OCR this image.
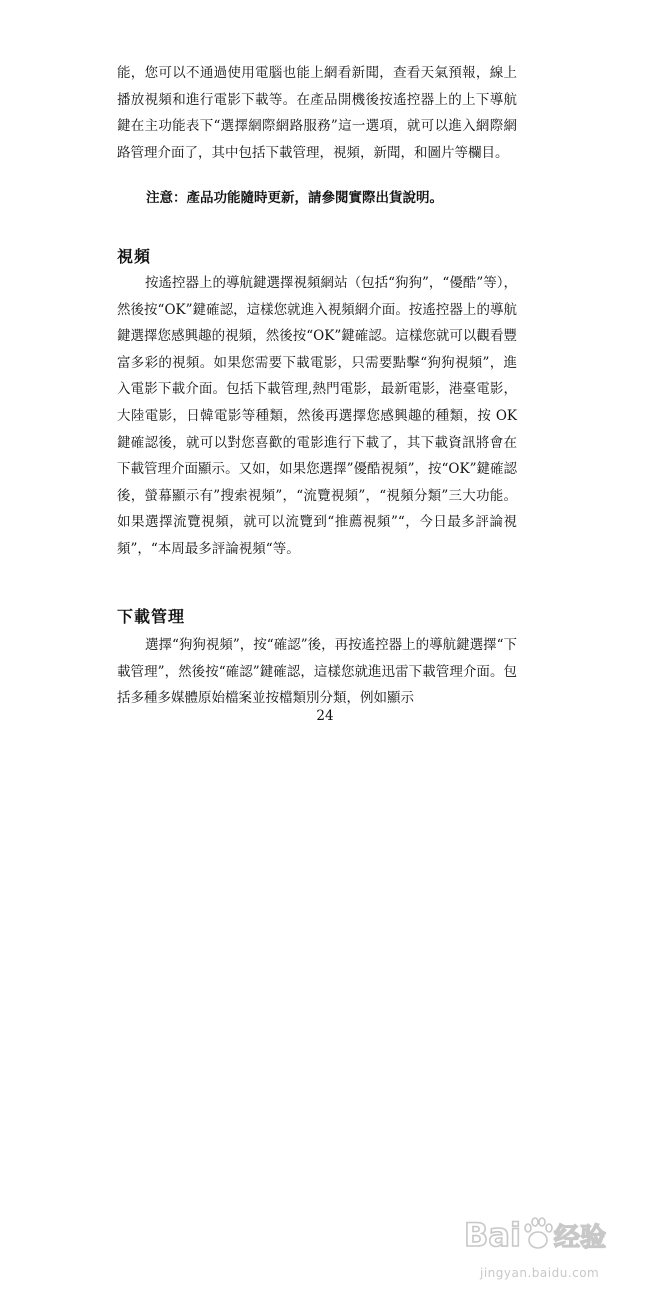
能，您可以不通過使用電腦也能上網看新聞，查看天氣預報，線上播放視頻和進行電影下載等。在產品開機後按遙控器上的上下導航鍵在主功能表下“選擇網際網路服務”這一選項，就可以進入網際網路管理介面了，其中包括下載管理，視頻，新聞，和圖片等欄目。

注意：產品功能隨時更新，請參閱實際出貨說明。

視頻

按遙控器上的導航鍵選擇視頻網站（包括“狗狗”，“優酷”等），然後按“OK”鍵確認，這樣您就進入視頻網介面。按遙控器上的導航鍵選擇您感興趣的視頻，然後按“OK”鍵確認。這樣您就可以觀看豐富多彩的視頻。如果您需要下載電影，只需要點擊“狗狗視頻”，進入電影下載介面。包括下載管理,熱門電影，最新電影，港臺電影，大陸電影，日韓電影等種類，然後再選擇您感興趣的種類，按 OK 鍵確認後，就可以對您喜歡的電影進行下載了，其下載資訊將會在下載管理介面顯示。又如，如果您選擇”優酷視頻”，按“OK”鍵確認後，螢幕顯示有”搜索視頻”，“流覽視頻”，“視頻分類”三大功能。如果選擇流覽視頻，就可以流覽到“推薦視頻”“，今日最多評論視頻”，“本周最多評論視頻“等。

下載管理

選擇“狗狗視頻”，按“確認”後，再按遙控器上的導航鍵選擇“下載管理”，然後按“確認”鍵確認，這樣您就進迅雷下載管理介面。包括多種多媒體原始檔案並按檔類別分類，例如顯示

24

Bai 经验
jingyan.baidu.com
